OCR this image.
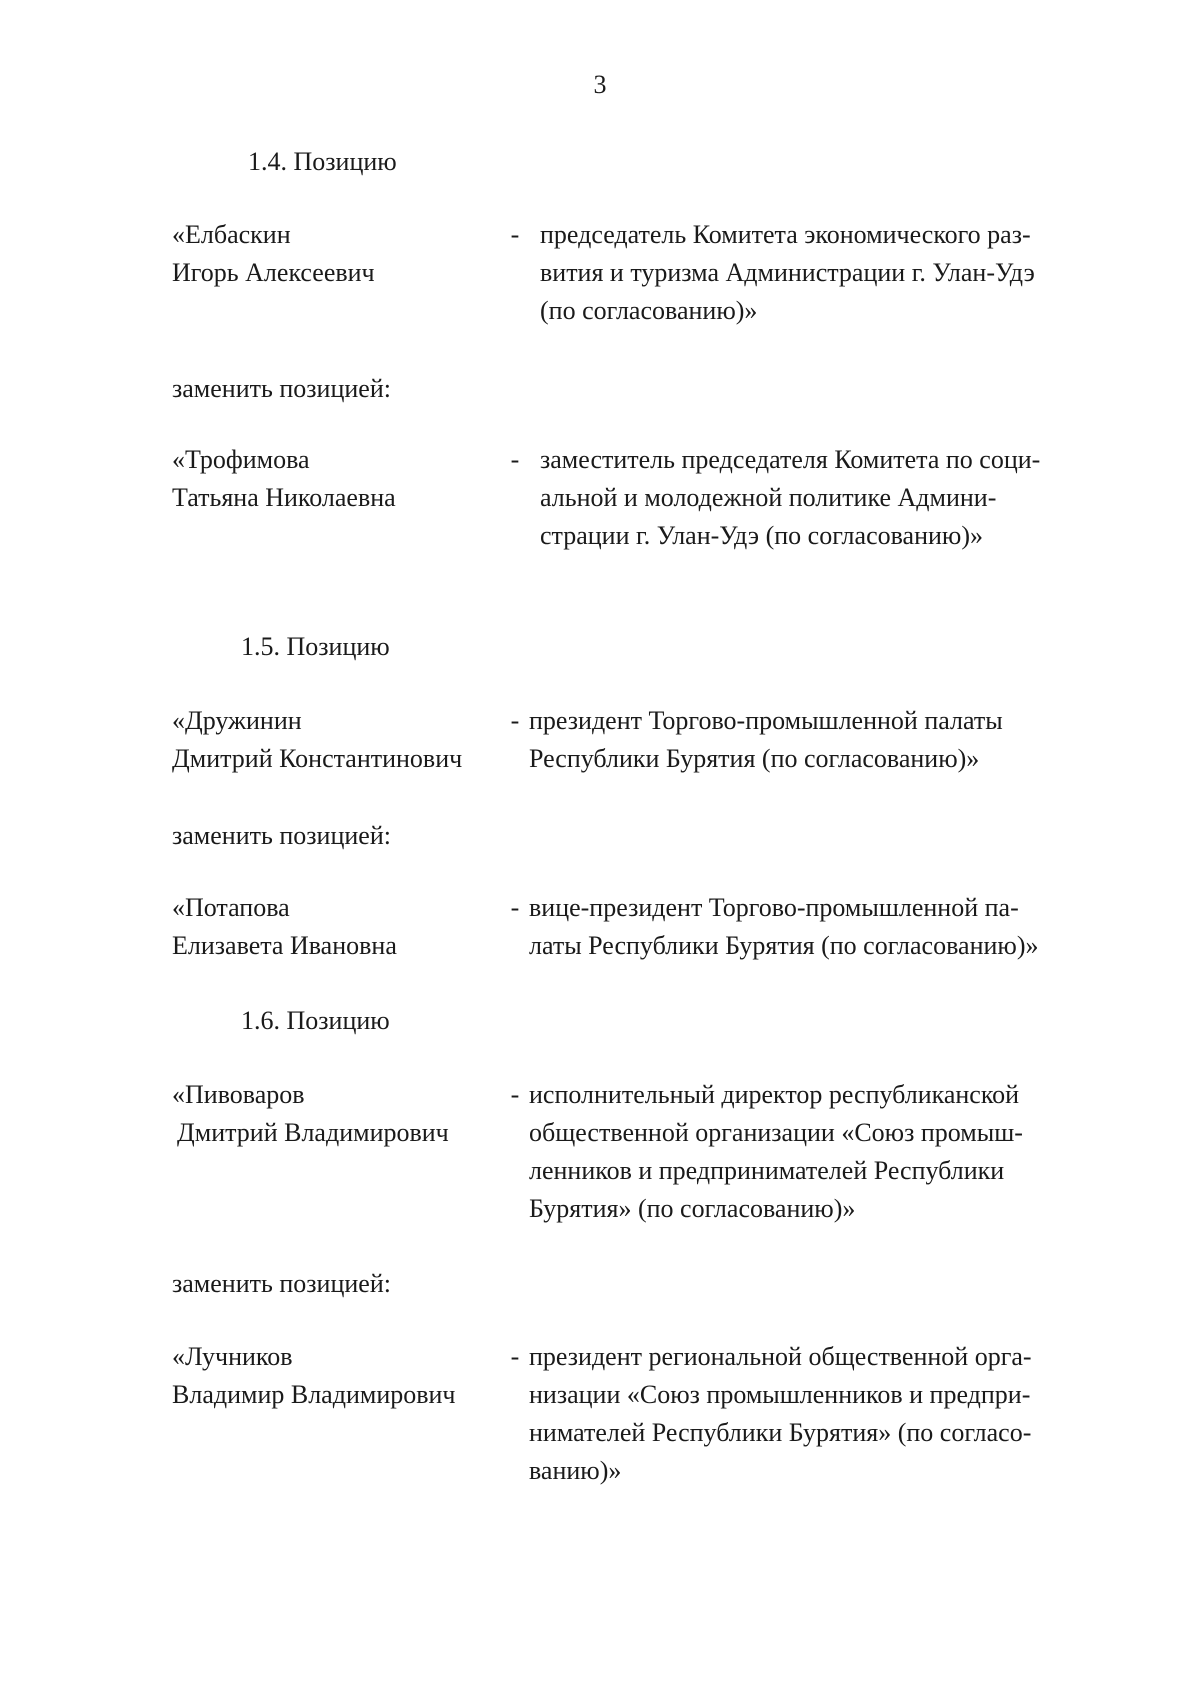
3
1.4. Позицию
«Елбаскин
Игорь Алексеевич
- председатель Комитета экономического раз-
вития и туризма Администрации г. Улан-Удэ
(по согласованию)»
заменить позицией:
«Трофимова
Татьяна Николаевна
- заместитель председателя Комитета по соци-
альной и молодежной политике Админи-
страции г. Улан-Удэ (по согласованию)»
1.5. Позицию
«Дружинин
Дмитрий Константинович
- президент Торгово-промышленной палаты
Республики Бурятия (по согласованию)»
заменить позицией:
«Потапова
Елизавета Ивановна
- вице-президент Торгово-промышленной па-
латы Республики Бурятия (по согласованию)»
1.6. Позицию
«Пивоваров
Дмитрий Владимирович
- исполнительный директор республиканской
общественной организации «Союз промыш-
ленников и предпринимателей Республики
Бурятия» (по согласованию)»
заменить позицией:
«Лучников
Владимир Владимирович
- президент региональной общественной орга-
низации «Союз промышленников и предпри-
нимателей Республики Бурятия» (по согласо-
ванию)»
